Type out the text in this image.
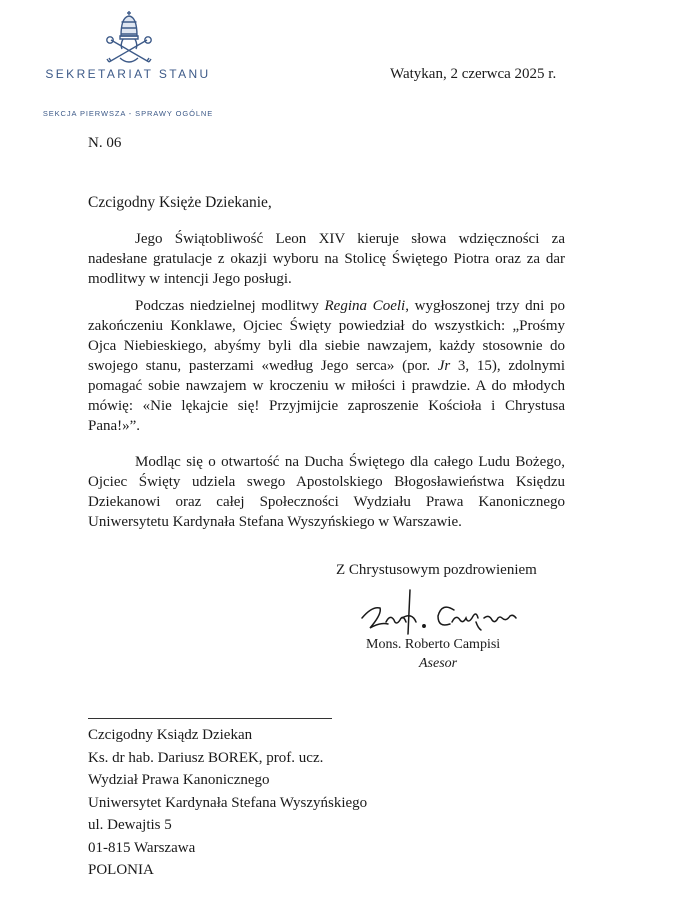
SEKRETARIAT STANU
SEKCJA PIERWSZA - SPRAWY OGÓLNE
Watykan, 2 czerwca 2025 r.
N. 06
Czcigodny Księże Dziekanie,

Jego Świątobliwość Leon XIV kieruje słowa wdzięczności za nadesłane gratulacje z okazji wyboru na Stolicę Świętego Piotra oraz za dar modlitwy w intencji Jego posługi.

Podczas niedzielnej modlitwy Regina Coeli, wygłoszonej trzy dni po zakończeniu Konklawe, Ojciec Święty powiedział do wszystkich: „Prośmy Ojca Niebieskiego, abyśmy byli dla siebie nawzajem, każdy stosownie do swojego stanu, pasterzami «według Jego serca» (por. Jr 3, 15), zdolnymi pomagać sobie nawzajem w kroczeniu w miłości i prawdzie. A do młodych mówię: «Nie lękajcie się! Przyjmijcie zaproszenie Kościoła i Chrystusa Pana!»”.

Modląc się o otwartość na Ducha Świętego dla całego Ludu Bożego, Ojciec Święty udziela swego Apostolskiego Błogosławieństwa Księdzu Dziekanowi oraz całej Społeczności Wydziału Prawa Kanonicznego Uniwersytetu Kardynała Stefana Wyszyńskiego w Warszawie.

Z Chrystusowym pozdrowieniem
Mons. Roberto Campisi
Asesor
Czcigodny Ksiądz Dziekan
Ks. dr hab. Dariusz BOREK, prof. ucz.
Wydział Prawa Kanonicznego
Uniwersytet Kardynała Stefana Wyszyńskiego
ul. Dewajtis 5
01-815 Warszawa
POLONIA
